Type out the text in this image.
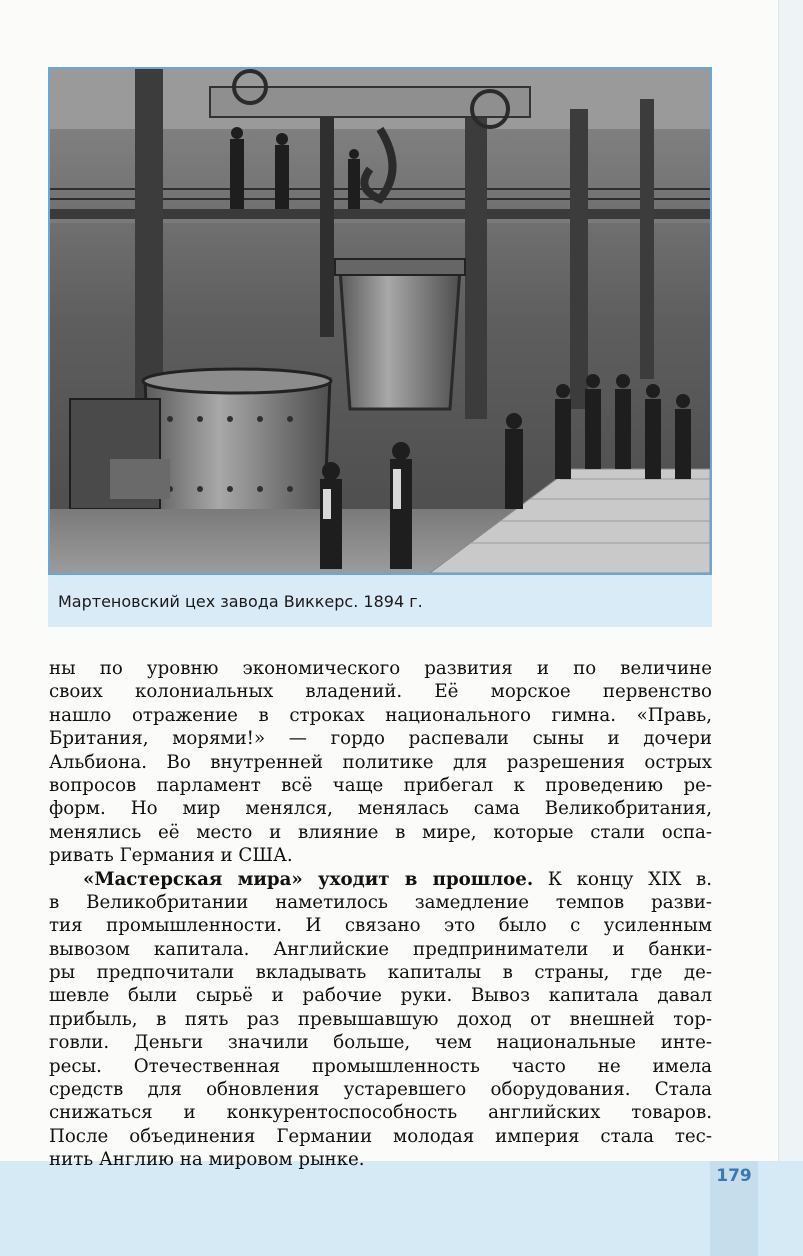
179
Мартеновский цех завода Виккерс. 1894 г.
ны по уровню экономического развития и по величине
своих колониальных владений. Её морское первенство
нашло отражение в строках национального гимна. «Правь,
Британия, морями!» — гордо распевали сыны и дочери
Альбиона. Во внутренней политике для разрешения острых
вопросов парламент всё чаще прибегал к проведению ре-
форм. Но мир менялся, менялась сама Великобритания,
менялись её место и влияние в мире, которые стали оспа-
ривать Германия и США.
«Мастерская мира» уходит в прошлое. К концу XIX в.
в Великобритании наметилось замедление темпов разви-
тия промышленности. И связано это было с усиленным
вывозом капитала. Английские предприниматели и банки-
ры предпочитали вкладывать капиталы в страны, где де-
шевле были сырьё и рабочие руки. Вывоз капитала давал
прибыль, в пять раз превышавшую доход от внешней тор-
говли. Деньги значили больше, чем национальные инте-
ресы. Отечественная промышленность часто не имела
средств для обновления устаревшего оборудования. Стала
снижаться и конкурентоспособность английских товаров.
После объединения Германии молодая империя стала тес-
нить Англию на мировом рынке.
